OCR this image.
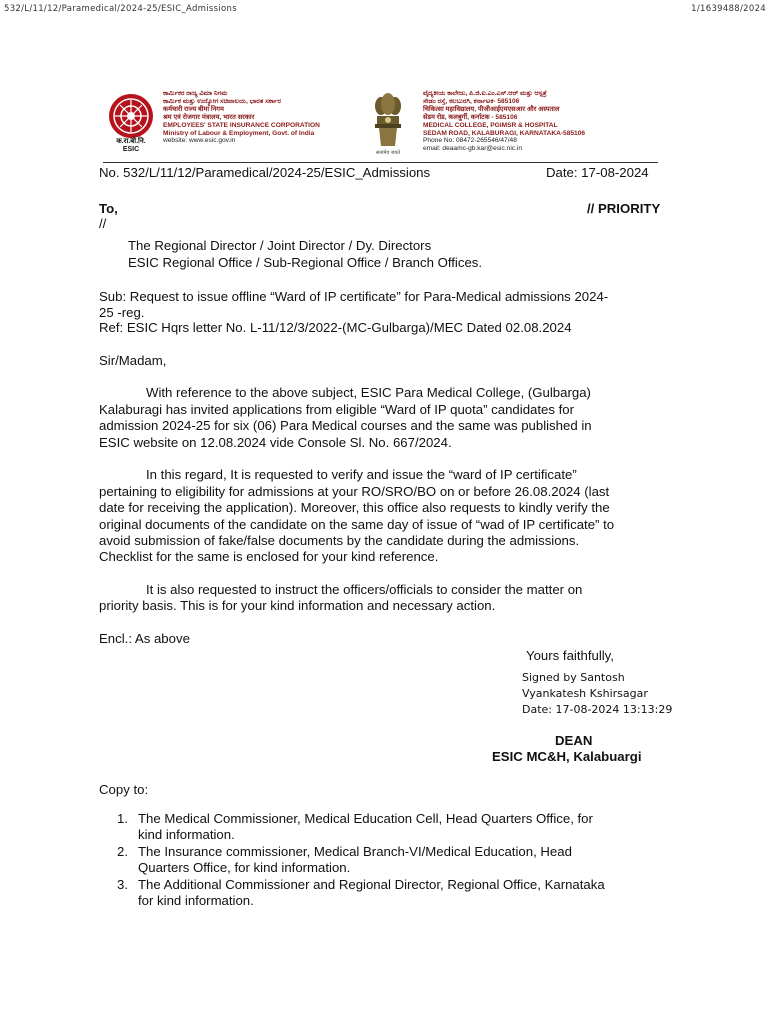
532/L/11/12/Paramedical/2024-25/ESIC_Admissions	1/1639488/2024
क.रा.बी.नि.
ESIC
ಕಾರ್ಮಿಕರ ರಾಜ್ಯ ವಿಮಾ ನಿಗಮ
ಕಾರ್ಮಿಕ ಮತ್ತು ಉದ್ಯೋಗ ಸಚಿವಾಲಯ, ಭಾರತ ಸರ್ಕಾರ
कर्मचारी राज्य बीमा निगम
श्रम एवं रोजगार मंत्रालय, भारत सरकार
EMPLOYEES' STATE INSURANCE CORPORATION
Ministry of Labour & Employment, Govt. of India
website: www.esic.gov.in
सत्यमेव जयते
ವೈದ್ಯಕೀಯ ಕಾಲೇಜು, ಪಿ.ಜಿ.ಐ.ಎಂ.ಎಸ್.ಆರ್ ಮತ್ತು ಆಸ್ಪತ್ರೆ
ಸೇಡಂ ರಸ್ತೆ, ಕಲಬುರಗಿ, ಕರ್ನಾಟಕ- 585106
चिकित्सा महाविद्यालय, पीजीआईएमएसआर और अस्पताल
सेडम रोड, कलबुर्गी, कर्नाटक - 585106
MEDICAL COLLEGE, PGIMSR & HOSPITAL
SEDAM ROAD, KALABURAGI, KARNATAKA-585106
Phone No: 08472-265546/47/48
email: deaamc-gb.kar@esic.nic.in
No. 532/L/11/12/Paramedical/2024-25/ESIC_Admissions	Date: 17-08-2024
To,	// PRIORITY
//
The Regional Director / Joint Director / Dy. Directors
ESIC Regional Office / Sub-Regional Office / Branch Offices.
Sub: Request to issue offline “Ward of IP certificate” for Para-Medical admissions 2024-
25 -reg.
Ref: ESIC Hqrs letter No. L-11/12/3/2022-(MC-Gulbarga)/MEC Dated 02.08.2024
Sir/Madam,
With reference to the above subject, ESIC Para Medical College, (Gulbarga)
Kalaburagi has invited applications from eligible “Ward of IP quota” candidates for
admission 2024-25 for six (06) Para Medical courses and the same was published in
ESIC website on 12.08.2024 vide Console Sl. No. 667/2024.
In this regard, It is requested to verify and issue the “ward of IP certificate”
pertaining to eligibility for admissions at your RO/SRO/BO on or before 26.08.2024 (last
date for receiving the application). Moreover, this office also requests to kindly verify the
original documents of the candidate on the same day of issue of “wad of IP certificate” to
avoid submission of fake/false documents by the candidate during the admissions.
Checklist for the same is enclosed for your kind reference.
It is also requested to instruct the officers/officials to consider the matter on
priority basis. This is for your kind information and necessary action.
Encl.: As above
Yours faithfully,
Signed by Santosh
Vyankatesh Kshirsagar
Date: 17-08-2024 13:13:29
DEAN
ESIC MC&H, Kalabuargi
Copy to:
1. The Medical Commissioner, Medical Education Cell, Head Quarters Office, for
kind information.
2. The Insurance commissioner, Medical Branch-VI/Medical Education, Head
Quarters Office, for kind information.
3. The Additional Commissioner and Regional Director, Regional Office, Karnataka
for kind information.
